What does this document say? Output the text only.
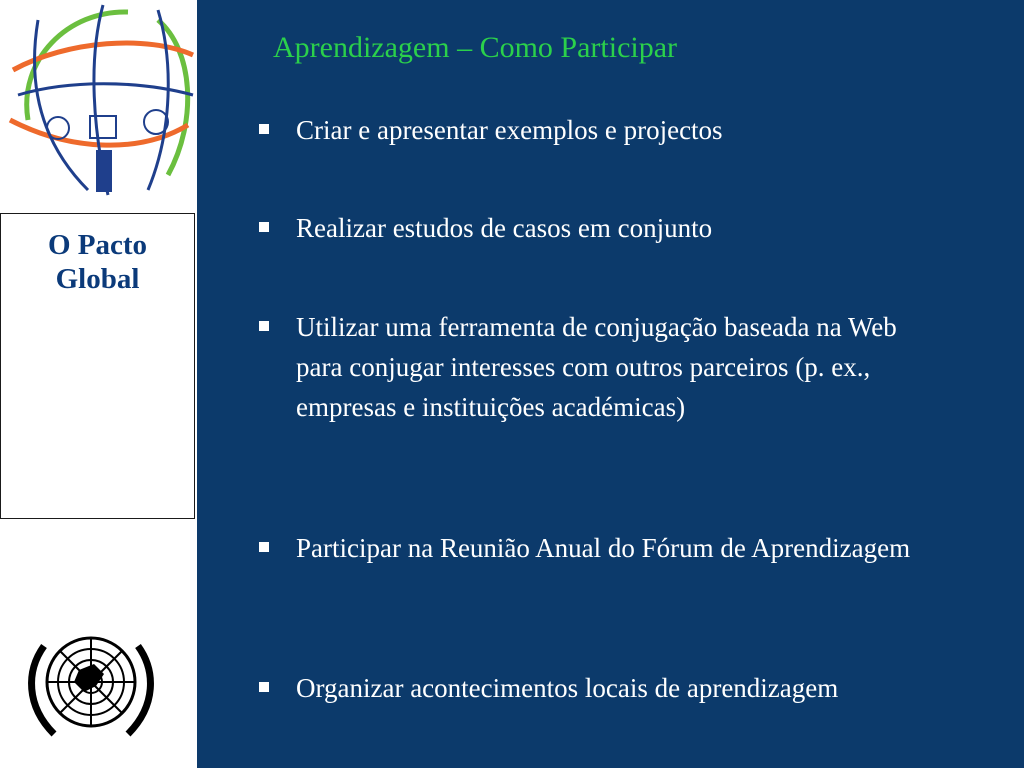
O Pacto
Global
Aprendizagem – Como Participar
Criar e apresentar exemplos e projectos
Realizar estudos de casos em conjunto
Utilizar uma ferramenta de conjugação baseada na Web para conjugar interesses com outros parceiros (p. ex., empresas e instituições académicas)
Participar na Reunião Anual do Fórum de Aprendizagem
Organizar acontecimentos locais de aprendizagem
